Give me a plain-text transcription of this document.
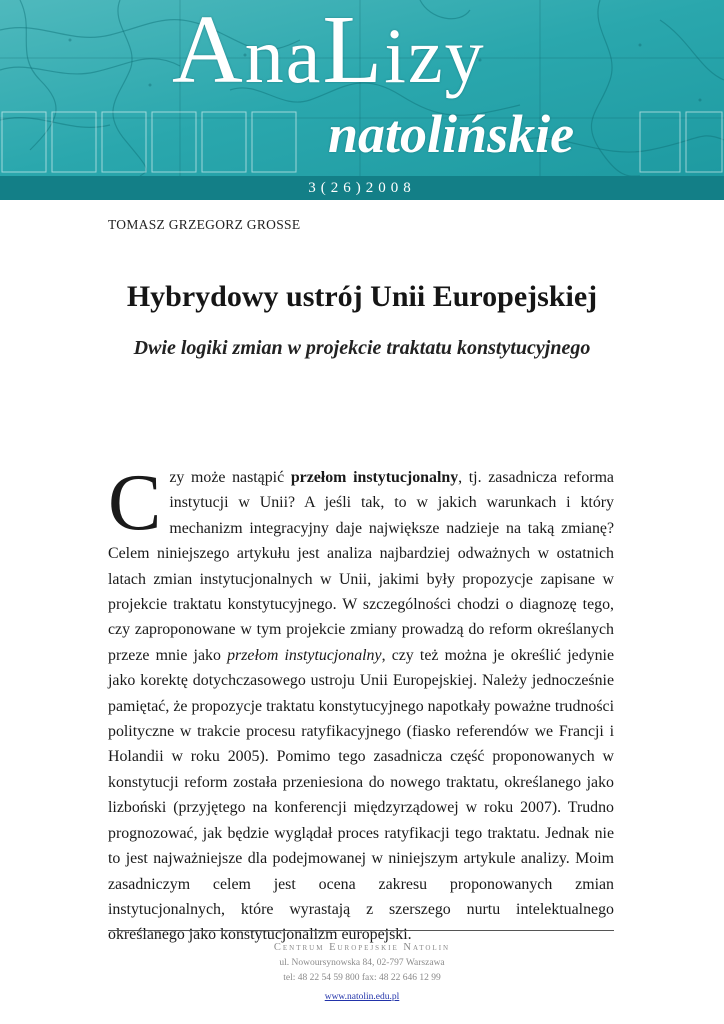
AnaLizy
natolińskie
3(26)2008
TOMASZ GRZEGORZ GROSSE
Hybrydowy ustrój Unii Europejskiej
Dwie logiki zmian w projekcie traktatu konstytucyjnego

Czy może nastąpić przełom instytucjonalny, tj. zasadnicza reforma instytucji w Unii? A jeśli tak, to w jakich warunkach i który mechanizm integracyjny daje największe nadzieje na taką zmianę? Celem niniejszego artykułu jest analiza najbardziej odważnych w ostatnich latach zmian instytucjonalnych w Unii, jakimi były propozycje zapisane w projekcie traktatu konstytucyjnego. W szczególności chodzi o diagnozę tego, czy zaproponowane w tym projekcie zmiany prowadzą do reform określanych przeze mnie jako przełom instytucjonalny, czy też można je określić jedynie jako korektę dotychczasowego ustroju Unii Europejskiej. Należy jednocześnie pamiętać, że propozycje traktatu konstytucyjnego napotkały poważne trudności polityczne w trakcie procesu ratyfikacyjnego (fiasko referendów we Francji i Holandii w roku 2005). Pomimo tego zasadnicza część proponowanych w konstytucji reform została przeniesiona do nowego traktatu, określanego jako lizboński (przyjętego na konferencji międzyrządowej w roku 2007). Trudno prognozować, jak będzie wyglądał proces ratyfikacji tego traktatu. Jednak nie to jest najważniejsze dla podejmowanej w niniejszym artykule analizy. Moim zasadniczym celem jest ocena zakresu proponowanych zmian instytucjonalnych, które wyrastają z szerszego nurtu intelektualnego określanego jako konstytucjonalizm europejski.

Centrum Europejskie Natolin
ul. Nowoursynowska 84, 02-797 Warszawa
tel: 48 22 54 59 800 fax: 48 22 646 12 99
www.natolin.edu.pl
